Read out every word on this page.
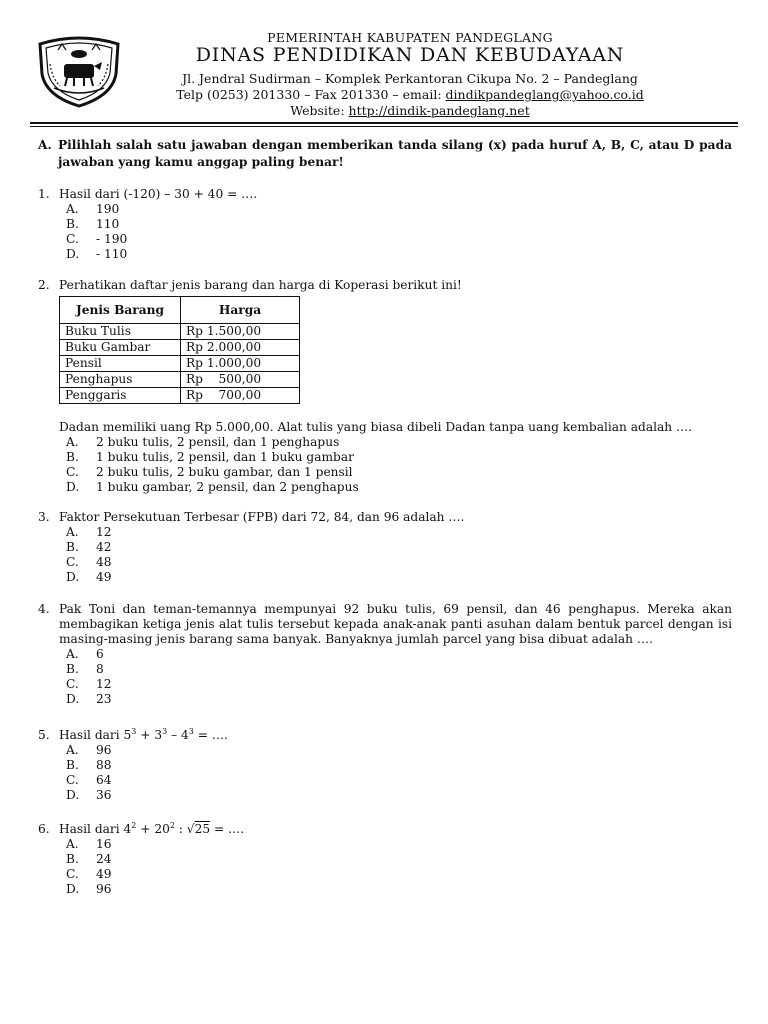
PEMERINTAH KABUPATEN PANDEGLANG
DINAS PENDIDIKAN DAN KEBUDAYAAN
Jl. Jendral Sudirman – Komplek Perkantoran Cikupa No. 2 – Pandeglang
Telp (0253) 201330 – Fax 201330 – email: dindikpandeglang@yahoo.co.id
Website: http://dindik-pandeglang.net
A. Pilihlah salah satu jawaban dengan memberikan tanda silang (x) pada huruf A, B, C, atau D pada jawaban yang kamu anggap paling benar!
1. Hasil dari (-120) – 30 + 40 = ….
A. 190
B. 110
C. - 190
D. - 110
2. Perhatikan daftar jenis barang dan harga di Koperasi berikut ini!
Jenis Barang	Harga
Buku Tulis	Rp 1.500,00
Buku Gambar	Rp 2.000,00
Pensil	Rp 1.000,00
Penghapus	Rp    500,00
Penggaris	Rp    700,00
Dadan memiliki uang Rp 5.000,00. Alat tulis yang biasa dibeli Dadan tanpa uang kembalian adalah ….
A. 2 buku tulis, 2 pensil, dan 1 penghapus
B. 1 buku tulis, 2 pensil, dan 1 buku gambar
C. 2 buku tulis, 2 buku gambar, dan 1 pensil
D. 1 buku gambar, 2 pensil, dan 2 penghapus
3. Faktor Persekutuan Terbesar (FPB) dari 72, 84, dan 96 adalah ….
A. 12
B. 42
C. 48
D. 49
4. Pak Toni dan teman-temannya mempunyai 92 buku tulis, 69 pensil, dan 46 penghapus. Mereka akan membagikan ketiga jenis alat tulis tersebut kepada anak-anak panti asuhan dalam bentuk parcel dengan isi masing-masing jenis barang sama banyak. Banyaknya jumlah parcel yang bisa dibuat adalah ….
A. 6
B. 8
C. 12
D. 23
5. Hasil dari $5^3 + 3^3 - 4^3$ = ….
A. 96
B. 88
C. 64
D. 36
6. Hasil dari $4^2 + 20^2$ : √25 = ….
A. 16
B. 24
C. 49
D. 96
